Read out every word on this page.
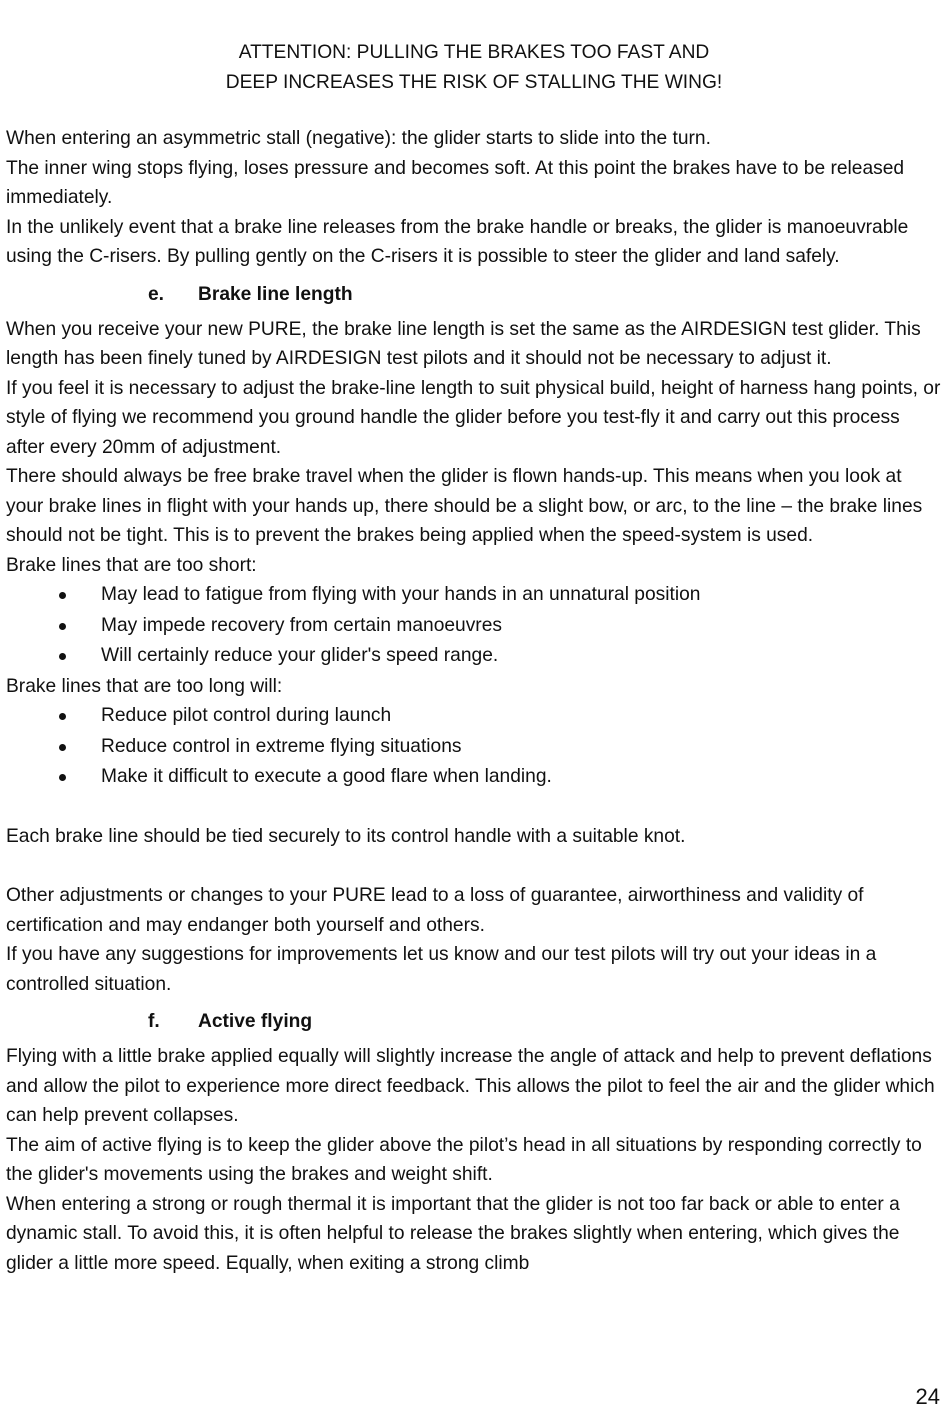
ATTENTION: PULLING THE BRAKES TOO FAST AND
DEEP INCREASES THE RISK OF STALLING THE WING!

When entering an asymmetric stall (negative): the glider starts to slide into the turn.

The inner wing stops flying, loses pressure and becomes soft. At this point the brakes have to be released immediately.

In the unlikely event that a brake line releases from the brake handle or breaks, the glider is manoeuvrable using the C-risers. By pulling gently on the C-risers it is possible to steer the glider and land safely.

e.	Brake line length

When you receive your new PURE, the brake line length is set the same as the AIRDESIGN test glider. This length has been finely tuned by AIRDESIGN test pilots and it should not be necessary to adjust it.

If you feel it is necessary to adjust the brake-line length to suit physical build, height of harness hang points, or style of flying we recommend you ground handle the glider before you test-fly it and carry out this process after every 20mm of adjustment.

There should always be free brake travel when the glider is flown hands-up. This means when you look at your brake lines in flight with your hands up, there should be a slight bow, or arc, to the line – the brake lines should not be tight. This is to prevent the brakes being applied when the speed-system is used.

Brake lines that are too short:

May lead to fatigue from flying with your hands in an unnatural position
May impede recovery from certain manoeuvres
Will certainly reduce your glider's speed range.

Brake lines that are too long will:

Reduce pilot control during launch
Reduce control in extreme flying situations
Make it difficult to execute a good flare when landing.

Each brake line should be tied securely to its control handle with a suitable knot.

Other adjustments or changes to your PURE lead to a loss of guarantee, airworthiness and validity of certification and may endanger both yourself and others.

If you have any suggestions for improvements let us know and our test pilots will try out your ideas in a controlled situation.

f.	Active flying

Flying with a little brake applied equally will slightly increase the angle of attack and help to prevent deflations and allow the pilot to experience more direct feedback. This allows the pilot to feel the air and the glider which can help prevent collapses.

The aim of active flying is to keep the glider above the pilot’s head in all situations by responding correctly to the glider's movements using the brakes and weight shift.

When entering a strong or rough thermal it is important that the glider is not too far back or able to enter a dynamic stall. To avoid this, it is often helpful to release the brakes slightly when entering, which gives the glider a little more speed. Equally, when exiting a strong climb

24
